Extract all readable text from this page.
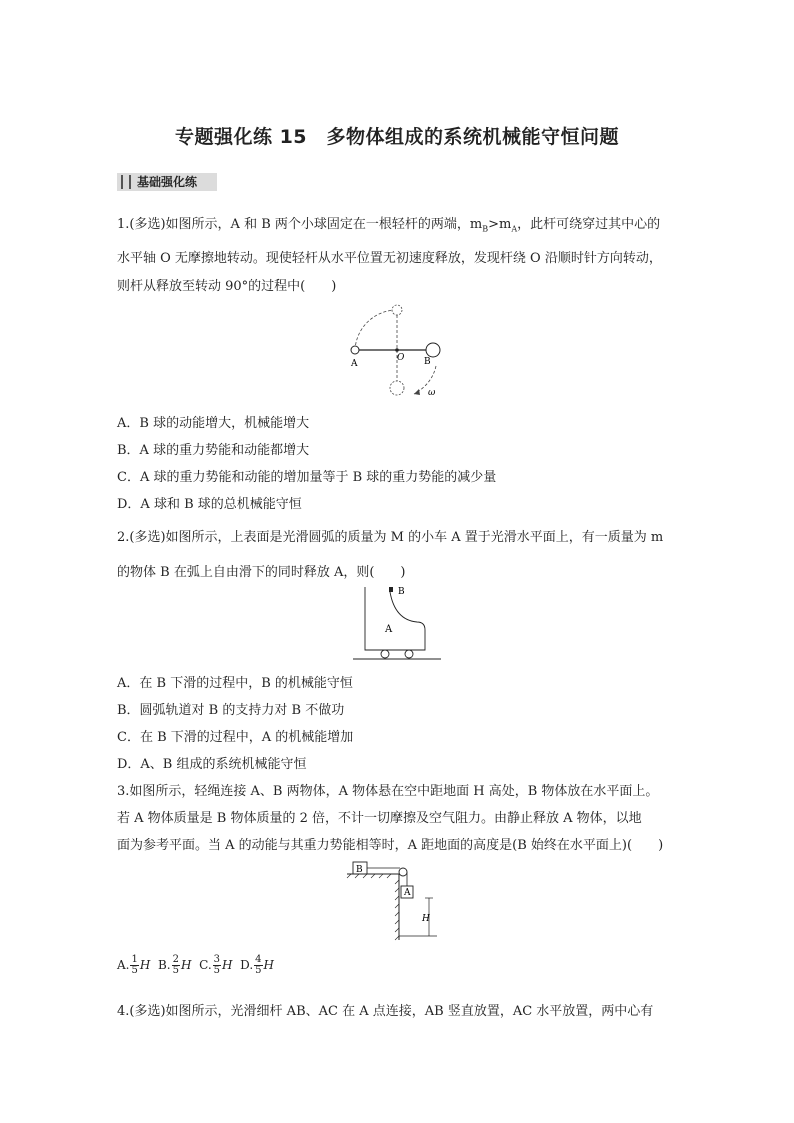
专题强化练 15　多物体组成的系统机械能守恒问题
基础强化练
1.(多选)如图所示，A 和 B 两个小球固定在一根轻杆的两端，$m_B>m_A$，此杆可绕穿过其中心的
水平轴 O 无摩擦地转动。现使轻杆从水平位置无初速度释放，发现杆绕 O 沿顺时针方向转动，
则杆从释放至转动 90°的过程中(　　)
A
O B
ω
A．B 球的动能增大，机械能增大
B．A 球的重力势能和动能都增大
C．A 球的重力势能和动能的增加量等于 B 球的重力势能的减少量
D．A 球和 B 球的总机械能守恒
2.(多选)如图所示，上表面是光滑圆弧的质量为 M 的小车 A 置于光滑水平面上，有一质量为 m
的物体 B 在弧上自由滑下的同时释放 A，则(　　)
B
A
A．在 B 下滑的过程中，B 的机械能守恒
B．圆弧轨道对 B 的支持力对 B 不做功
C．在 B 下滑的过程中，A 的机械能增加
D．A、B 组成的系统机械能守恒
3.如图所示，轻绳连接 A、B 两物体，A 物体悬在空中距地面 H 高处，B 物体放在水平面上。
若 A 物体质量是 B 物体质量的 2 倍，不计一切摩擦及空气阻力。由静止释放 A 物体，以地
面为参考平面。当 A 的动能与其重力势能相等时，A 距地面的高度是(B 始终在水平面上)(　　)
B
A
H
A. $\frac{1}{5}$ H B. $\frac{2}{5}$ H C. $\frac{3}{5}$ H D. $\frac{4}{5}$ H
4.(多选)如图所示，光滑细杆 AB、AC 在 A 点连接，AB 竖直放置，AC 水平放置，两中心有
